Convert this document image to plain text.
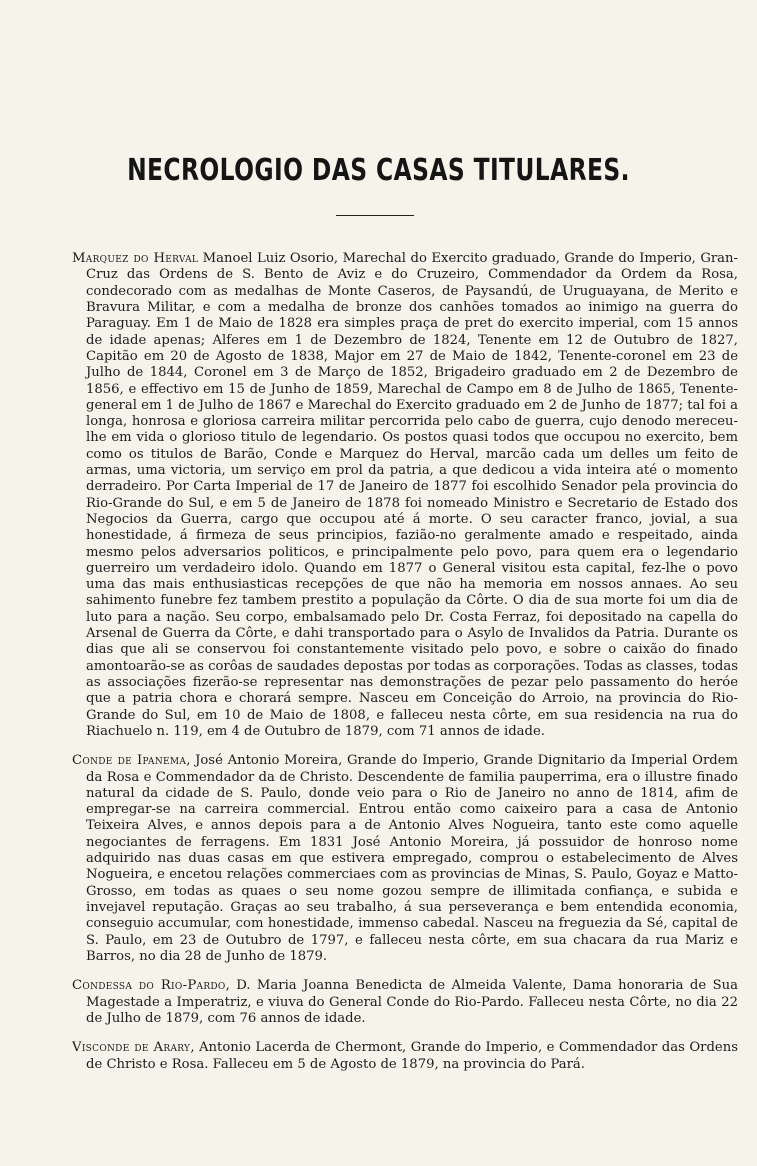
NECROLOGIO DAS CASAS TITULARES.

Marquez do Herval Manoel Luiz Osorio, Marechal do Exercito graduado, Grande do Imperio, Gran-Cruz das Ordens de S. Bento de Aviz e do Cruzeiro, Commendador da Ordem da Rosa, condecorado com as medalhas de Monte Caseros, de Paysandú, de Uruguayana, de Merito e Bravura Militar, e com a medalha de bronze dos canhões tomados ao inimigo na guerra do Paraguay. Em 1 de Maio de 1828 era simples praça de pret do exercito imperial, com 15 annos de idade apenas; Alferes em 1 de Dezembro de 1824, Tenente em 12 de Outubro de 1827, Capitão em 20 de Agosto de 1838, Major em 27 de Maio de 1842, Tenente-coronel em 23 de Julho de 1844, Coronel em 3 de Março de 1852, Brigadeiro graduado em 2 de Dezembro de 1856, e effectivo em 15 de Junho de 1859, Marechal de Campo em 8 de Julho de 1865, Tenente-general em 1 de Julho de 1867 e Marechal do Exercito graduado em 2 de Junho de 1877; tal foi a longa, honrosa e gloriosa carreira militar percorrida pelo cabo de guerra, cujo denodo mereceu-lhe em vida o glorioso titulo de legendario. Os postos quasi todos que occupou no exercito, bem como os titulos de Barão, Conde e Marquez do Herval, marcão cada um delles um feito de armas, uma victoria, um serviço em prol da patria, a que dedicou a vida inteira até o momento derradeiro. Por Carta Imperial de 17 de Janeiro de 1877 foi escolhido Senador pela provincia do Rio-Grande do Sul, e em 5 de Janeiro de 1878 foi nomeado Ministro e Secretario de Estado dos Negocios da Guerra, cargo que occupou até á morte. O seu caracter franco, jovial, a sua honestidade, á firmeza de seus principios, fazião-no geralmente amado e respeitado, ainda mesmo pelos adversarios politicos, e principalmente pelo povo, para quem era o legendario guerreiro um verdadeiro idolo. Quando em 1877 o General visitou esta capital, fez-lhe o povo uma das mais enthusiasticas recepções de que não ha memoria em nossos annaes. Ao seu sahimento funebre fez tambem prestito a população da Côrte. O dia de sua morte foi um dia de luto para a nação. Seu corpo, embalsamado pelo Dr. Costa Ferraz, foi depositado na capella do Arsenal de Guerra da Côrte, e dahi transportado para o Asylo de Invalidos da Patria. Durante os dias que ali se conservou foi constantemente visitado pelo povo, e sobre o caixão do finado amontoarão-se as corôas de saudades depostas por todas as corporações. Todas as classes, todas as associações fizerão-se representar nas demonstrações de pezar pelo passamento do heróe que a patria chora e chorará sempre. Nasceu em Conceição do Arroio, na provincia do Rio-Grande do Sul, em 10 de Maio de 1808, e falleceu nesta côrte, em sua residencia na rua do Riachuelo n. 119, em 4 de Outubro de 1879, com 71 annos de idade.

Conde de Ipanema, José Antonio Moreira, Grande do Imperio, Grande Dignitario da Imperial Ordem da Rosa e Commendador da de Christo. Descendente de familia pauperrima, era o illustre finado natural da cidade de S. Paulo, donde veio para o Rio de Janeiro no anno de 1814, afim de empregar-se na carreira commercial. Entrou então como caixeiro para a casa de Antonio Teixeira Alves, e annos depois para a de Antonio Alves Nogueira, tanto este como aquelle negociantes de ferragens. Em 1831 José Antonio Moreira, já possuidor de honroso nome adquirido nas duas casas em que estivera empregado, comprou o estabelecimento de Alves Nogueira, e encetou relações commerciaes com as provincias de Minas, S. Paulo, Goyaz e Matto-Grosso, em todas as quaes o seu nome gozou sempre de illimitada confiança, e subida e invejavel reputação. Graças ao seu trabalho, á sua perseverança e bem entendida economia, conseguio accumular, com honestidade, immenso cabedal. Nasceu na freguezia da Sé, capital de S. Paulo, em 23 de Outubro de 1797, e falleceu nesta côrte, em sua chacara da rua Mariz e Barros, no dia 28 de Junho de 1879.

Condessa do Rio-Pardo, D. Maria Joanna Benedicta de Almeida Valente, Dama honoraria de Sua Magestade a Imperatriz, e viuva do General Conde do Rio-Pardo. Falleceu nesta Côrte, no dia 22 de Julho de 1879, com 76 annos de idade.

Visconde de Arary, Antonio Lacerda de Chermont, Grande do Imperio, e Commendador das Ordens de Christo e Rosa. Falleceu em 5 de Agosto de 1879, na provincia do Pará.
